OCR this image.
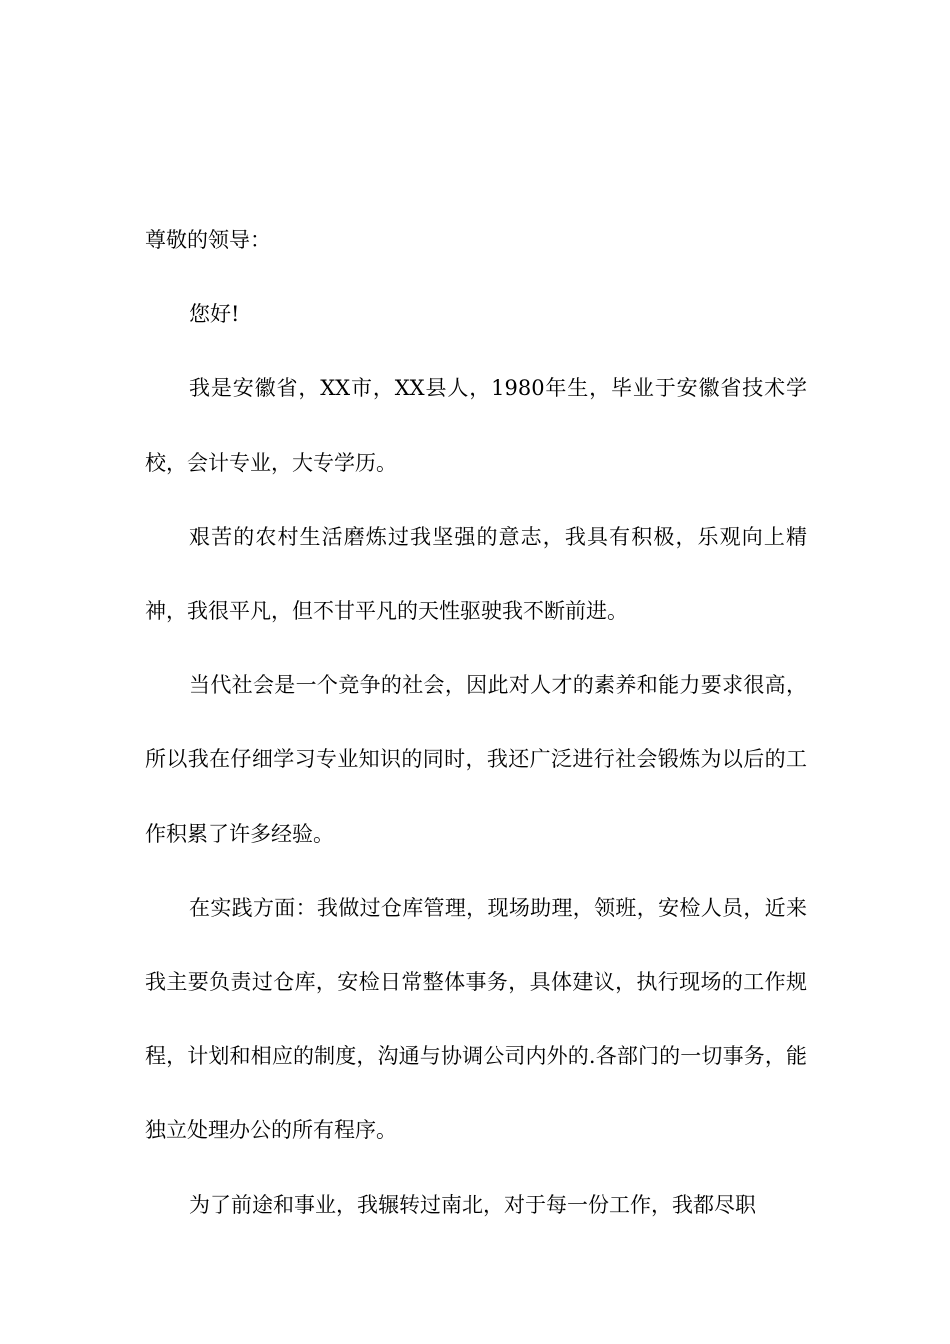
尊敬的领导：

您好!

我是安徽省，XX市，XX县人，1980年生，毕业于安徽省技术学校，会计专业，大专学历。

艰苦的农村生活磨炼过我坚强的意志，我具有积极，乐观向上精神，我很平凡，但不甘平凡的天性驱驶我不断前进。

当代社会是一个竞争的社会，因此对人才的素养和能力要求很高，所以我在仔细学习专业知识的同时，我还广泛进行社会锻炼为以后的工作积累了许多经验。

在实践方面：我做过仓库管理，现场助理，领班，安检人员，近来我主要负责过仓库，安检日常整体事务，具体建议，执行现场的工作规程，计划和相应的制度，沟通与协调公司内外的.各部门的一切事务，能独立处理办公的所有程序。

为了前途和事业，我辗转过南北，对于每一份工作，我都尽职
